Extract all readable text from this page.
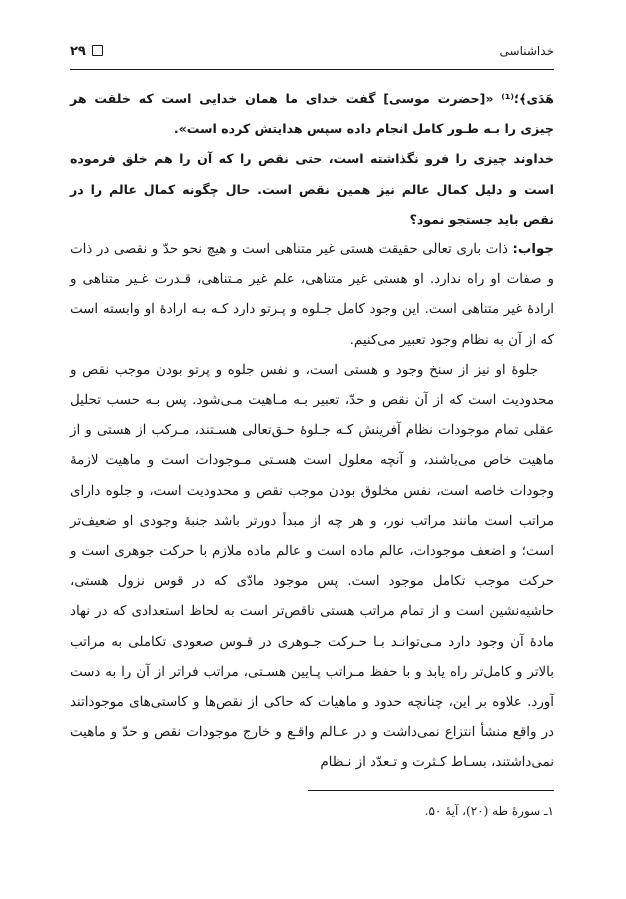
خداشناسی
۲۹

هَدَی﴾؛⁽¹⁾ «[حضرت موسی] گفت خدای ما همان خدایی است که خلقت هر چیزی را بـه طـور کامل انجام داده سپس هدایتش کرده است».

خداوند چیزی را فرو نگذاشته است، حتی نقص را که آن را هم خلق فرموده است و دلیل کمال عالم نیز همین نقص است. حال چگونه کمال عالم را در نقص باید جستجو نمود؟

جواب: ذات باری تعالی حقیقت هستی غیر متناهی است و هیچ نحو حدّ و نقصی در ذات و صفات او راه ندارد. او هستی غیر متناهی، علم غیر مـتناهی، قـدرت غـیر متناهی و ارادهٔ غیر متناهی است. این وجود کامل جـلوه و پـرتو دارد کـه بـه ارادهٔ او وابسته است که از آن به نظام وجود تعبیر می‌کنیم.

جلوهٔ او نیز از سنخ وجود و هستی است، و نفس جلوه و پرتو بودن موجب نقص و محدودیت است که از آن نقص و حدّ، تعبیر بـه مـاهیت مـی‌شود. پس بـه حسب تحلیل عقلی تمام موجودات نظام آفرینش کـه جـلوهٔ حـق‌تعالی هسـتند، مـرکب از هستی و از ماهیت خاص می‌باشند، و آنچه معلول است هسـتی مـوجودات است و ماهیت لازمهٔ وجودات خاصه است، نفس مخلوق بودن موجب نقص و محدودیت است، و جلوه دارای مراتب است مانند مراتب نور، و هر چه از مبدأ دورتر باشد جنبهٔ وجودی او ضعیف‌تر است؛ و اضعف موجودات، عالم ماده است و عالم ماده ملازم با حرکت جوهری است و حرکت موجب تکامل موجود است. پس موجود مادّی که در قوس نزول هستی، حاشیه‌نشین است و از تمام مراتب هستی ناقص‌تر است به لحاظ استعدادی که در نهاد مادهٔ آن وجود دارد مـی‌توانـد بـا حـرکت جـوهری در قـوس صعودی تکاملی به مراتب بالاتر و کامل‌تر راه یابد و با حفظ مـراتب پـایین هسـتی، مراتب فراتر از آن را به دست آورد. علاوه بر این، چنانچه حدود و ماهیات که حاکی از نقص‌ها و کاستی‌های موجوداتند در واقع منشأ انتزاع نمی‌داشت و در عـالم واقـع و خارج موجودات نقص و حدّ و ماهیت نمی‌داشتند، بسـاط کـثرت و تـعدّد از نـظام

۱ـ سورهٔ طه (۲۰)، آیهٔ ۵۰.
